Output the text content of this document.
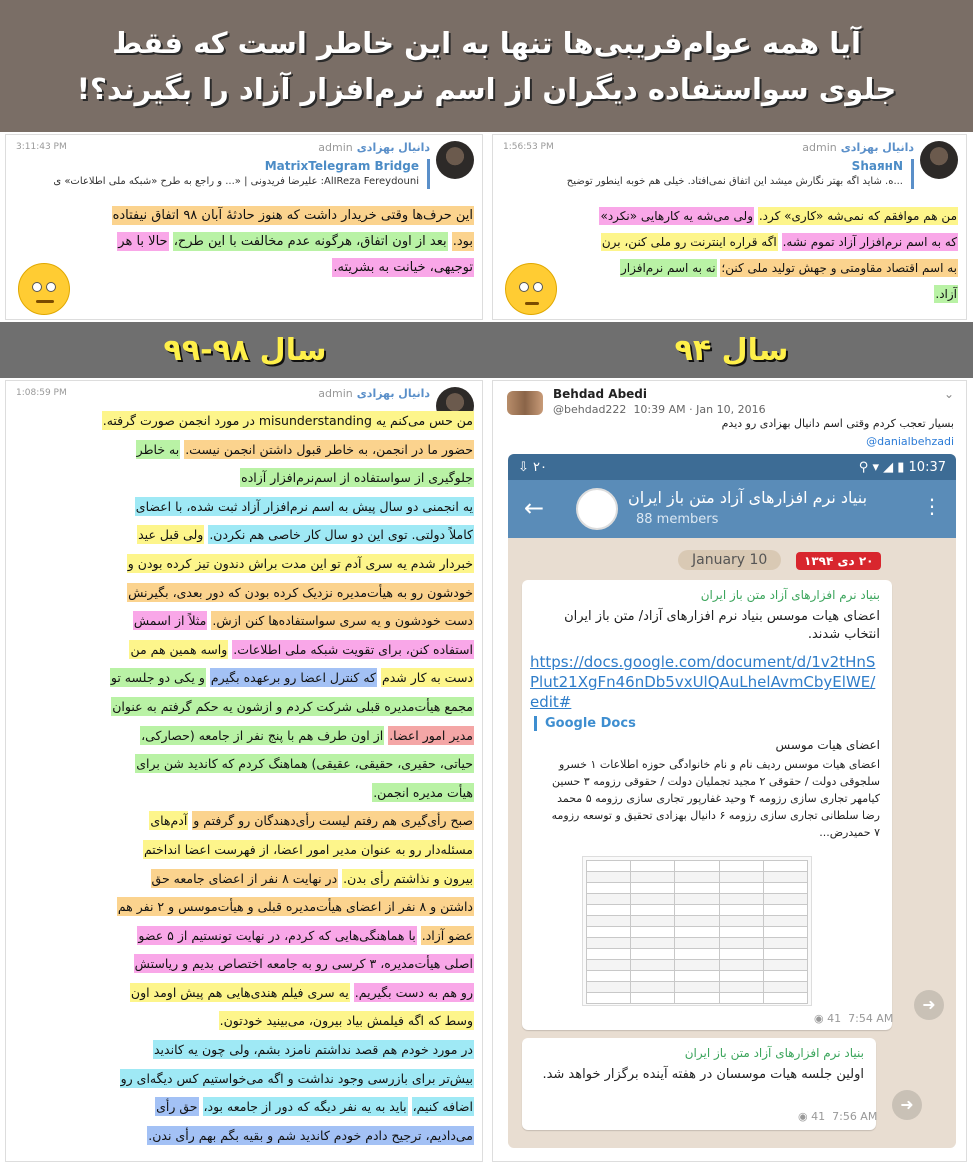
آیا همه عوام‌فریبی‌ها تنها به این خاطر است که فقط
جلوی سواستفاده دیگران از اسم نرم‌افزار آزاد را بگیرند؟!
دانیال بهزادیadmin
3:11:43 PM
MatrixTelegram Bridge
AlIReza Fereydouni: علیرضا فریدونی | «... و راجع به طرح «شبکه ملی اطلاعات» ی
این حرف‌ها وقتی خریدار داشت که هنوز حادثهٔ آبان ۹۸ اتفاق نیفتاده
بود. بعد از اون اتفاق، هرگونه عدم مخالفت با این طرح، حالا با هر
توجیهی، خیانت به بشریته.
دانیال بهزادیadmin
1:56:53 PM
ShaянN
...ه. شاید اگه بهتر نگارش میشد این اتفاق نمی‌افتاد. خیلی هم خوبه اینطور توضیح
من هم موافقم که نمی‌شه «کاری» کرد. ولی می‌شه یه کارهایی «نکرد»
که به اسم نرم‌افزار آزاد تموم نشه. اگه قراره اینترنت رو ملی کنن، برن
به اسم اقتصاد مقاومتی و جهش تولید ملی کنن؛ نه به اسم نرم‌افزار
آزاد.
سال ۹۸-۹۹	سال ۹۴
دانیال بهزادیadmin
1:08:59 PM
من حس می‌کنم یه misunderstanding در مورد انجمن صورت گرفته.
حضور ما در انجمن، به خاطر قبول داشتن انجمن نیست. به خاطر
جلوگیری از سواستفاده از اسم‌نرم‌افزار آزاده
یه انجمنی دو سال پیش به اسم نرم‌افزار آزاد ثبت شده، با اعضای
کاملاً دولتی. توی این دو سال کار خاصی هم نکردن. ولی قبل عید
خبردار شدم یه سری آدم تو این مدت براش دندون تیز کرده بودن و
خودشون رو به هیأت‌مدیره نزدیک کرده بودن که دور بعدی، بگیرنش
دست خودشون و یه سری سواستفاده‌ها کنن ازش. مثلاً از اسمش
استفاده کنن، برای تقویت شبکه ملی اطلاعات. واسه همین هم من
دست به کار شدم که کنترل اعضا رو برعهده بگیرم و یکی دو جلسه تو
مجمع هیأت‌مدیره قبلی شرکت کردم و از‌شون یه حکم گرفتم به عنوان
مدیر امور اعضا. از اون طرف هم با پنج نفر از جامعه (حصارکی،
حیاتی، حقیری، حقیقی، عقیقی) هماهنگ کردم که کاندید شن برای
هیأت مدیره انجمن.
صبح رأی‌گیری هم رفتم لیست رأی‌دهندگان رو گرفتم و آدم‌های
مسئله‌دار رو به عنوان مدیر امور اعضا، از فهرست اعضا انداختم
بیرون و نذاشتم رأی بدن. در نهایت ۸ نفر از اعضای جامعه حق
داشتن و ۸ نفر از اعضای هیأت‌مدیره قبلی و هیأت‌موسس و ۲ نفر هم
عضو آزاد. با هماهنگی‌هایی که کردم، در نهایت تونستیم از ۵ عضو
اصلی هیأت‌مدیره، ۳ کرسی رو به جامعه اختصاص بدیم و ریاستش
رو هم به دست بگیریم. یه سری فیلم هندی‌هایی هم پیش اومد اون
وسط که اگه فیلمش بیاد بیرون، می‌بینید خودتون.
در مورد خودم هم قصد نداشتم نامزد بشم، ولی چون یه کاندید
بیش‌تر برای بازرسی وجود نداشت و اگه می‌خواستیم کس دیگه‌ای رو
اضافه کنیم، باید به یه نفر دیگه که دور از جامعه بود، حق رأی
می‌دادیم، ترجیح دادم خودم کاندید شم و بقیه بگم بهم رأی ندن.
Behdad Abedi
@behdad222 10:39 AM · Jan 10, 2016
⌄
بسیار تعجب کردم وقتی اسم دانیال بهزادی رو دیدم
@danialbehzadi
⇩ ۲۰	⚲ ▾ ◢ ▮ 10:37
←	بنیاد نرم افزارهای آزاد متن باز ایران
88 members
⋮
January 10	۲۰ دی ۱۳۹۴
بنیاد نرم افزارهای آزاد متن باز ایران
اعضای هیات موسس بنیاد نرم افزارهای آزاد/ متن باز ایران انتخاب شدند.
https://docs.google.com/document/d/1v2tHnSPlut21XgFn46nDb5vxUlQAuLhelAvmCbyElWE/edit#
Google Docs
اعضای هیات موسس
اعضای هیات موسس ردیف نام و نام خانوادگی حوزه اطلاعات ۱ خسرو سلجوقی دولت / حقوقی ۲ مجید تجملیان دولت / حقوقی رزومه ۳ حسین کیامهر تجاری سازی رزومه ۴ وحید غفارپور تجاری سازی رزومه ۵ محمد رضا سلطانی تجاری سازی رزومه ۶ دانیال بهزادی تحقیق و توسعه رزومه ۷ حمیدرض...

◉ 41 7:54 AM
➜
بنیاد نرم افزارهای آزاد متن باز ایران
اولین جلسه هیات موسسان در هفته آینده برگزار خواهد شد.
◉ 41 7:56 AM
➜
